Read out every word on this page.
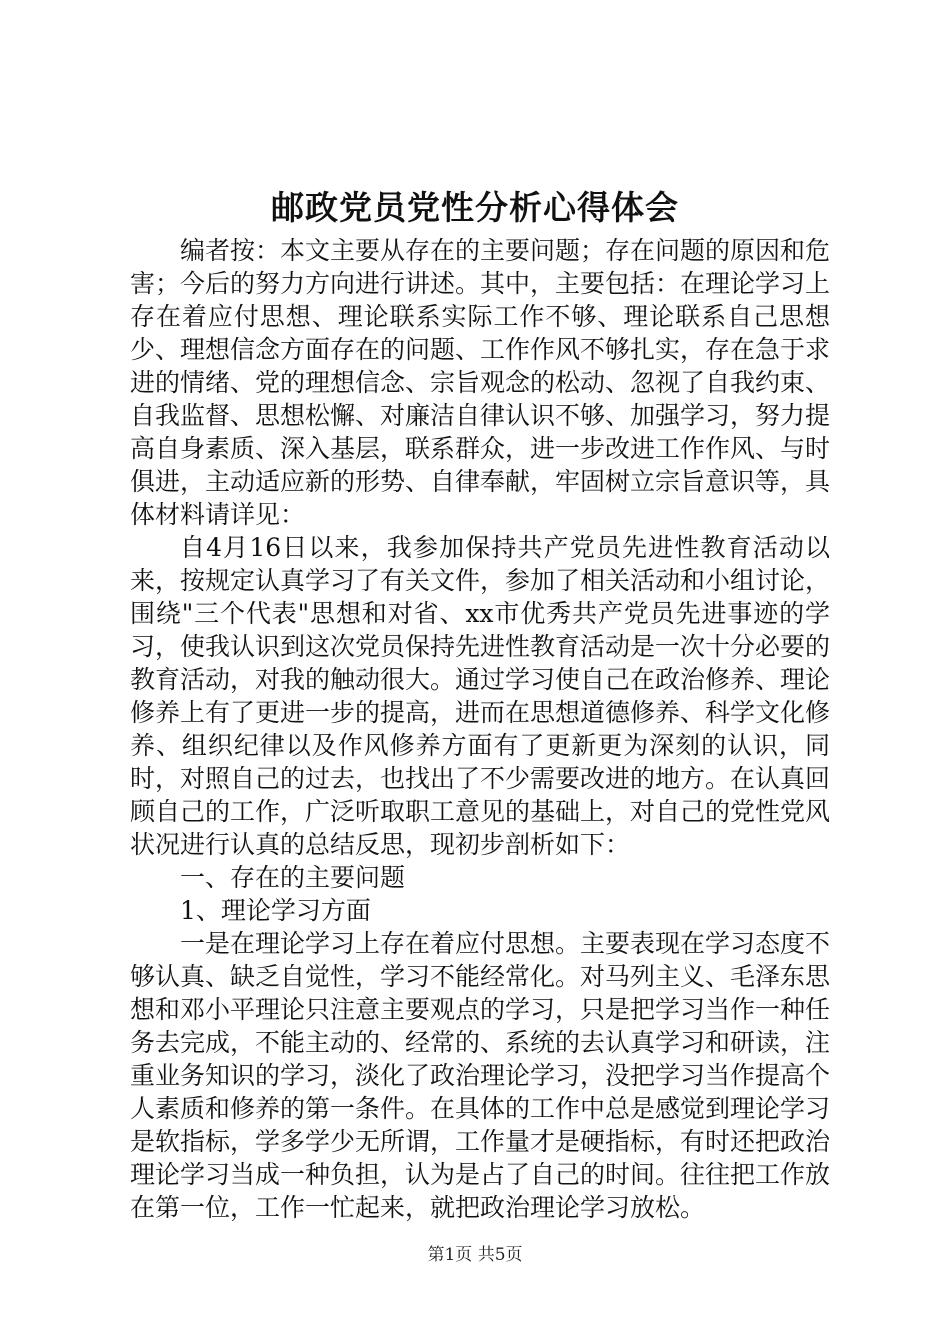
邮政党员党性分析心得体会

编者按：本文主要从存在的主要问题；存在问题的原因和危害；今后的努力方向进行讲述。其中，主要包括：在理论学习上存在着应付思想、理论联系实际工作不够、理论联系自己思想少、理想信念方面存在的问题、工作作风不够扎实，存在急于求进的情绪、党的理想信念、宗旨观念的松动、忽视了自我约束、自我监督、思想松懈、对廉洁自律认识不够、加强学习，努力提高自身素质、深入基层，联系群众，进一步改进工作作风、与时俱进，主动适应新的形势、自律奉献，牢固树立宗旨意识等，具体材料请详见：

自4月16日以来，我参加保持共产党员先进性教育活动以来，按规定认真学习了有关文件，参加了相关活动和小组讨论，围绕"三个代表"思想和对省、xx市优秀共产党员先进事迹的学习，使我认识到这次党员保持先进性教育活动是一次十分必要的教育活动，对我的触动很大。通过学习使自己在政治修养、理论修养上有了更进一步的提高，进而在思想道德修养、科学文化修养、组织纪律以及作风修养方面有了更新更为深刻的认识，同时，对照自己的过去，也找出了不少需要改进的地方。在认真回顾自己的工作，广泛听取职工意见的基础上，对自己的党性党风状况进行认真的总结反思，现初步剖析如下：

一、存在的主要问题

1、理论学习方面

一是在理论学习上存在着应付思想。主要表现在学习态度不够认真、缺乏自觉性，学习不能经常化。对马列主义、毛泽东思想和邓小平理论只注意主要观点的学习，只是把学习当作一种任务去完成，不能主动的、经常的、系统的去认真学习和研读，注重业务知识的学习，淡化了政治理论学习，没把学习当作提高个人素质和修养的第一条件。在具体的工作中总是感觉到理论学习是软指标，学多学少无所谓，工作量才是硬指标，有时还把政治理论学习当成一种负担，认为是占了自己的时间。往往把工作放在第一位，工作一忙起来，就把政治理论学习放松。

第1页 共5页
